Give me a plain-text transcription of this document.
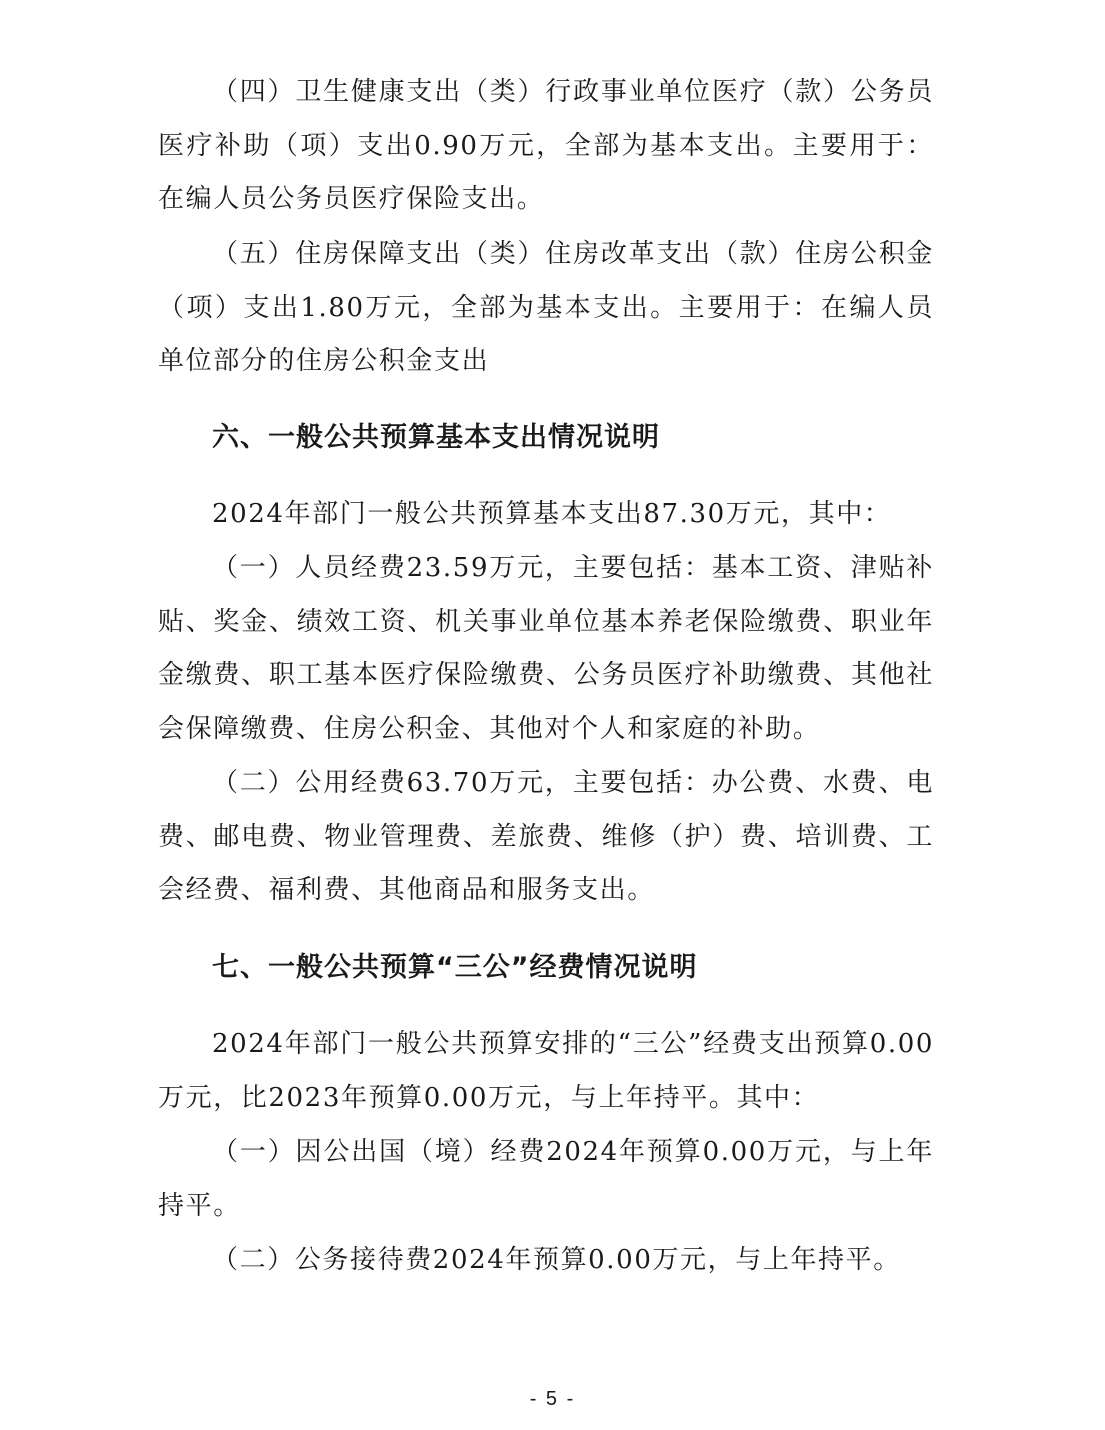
（四）卫生健康支出（类）行政事业单位医疗（款）公务员医疗补助（项）支出0.90万元，全部为基本支出。主要用于：在编人员公务员医疗保险支出。

（五）住房保障支出（类）住房改革支出（款）住房公积金（项）支出1.80万元，全部为基本支出。主要用于：在编人员单位部分的住房公积金支出

六、一般公共预算基本支出情况说明

2024年部门一般公共预算基本支出87.30万元，其中：

（一）人员经费23.59万元，主要包括：基本工资、津贴补贴、奖金、绩效工资、机关事业单位基本养老保险缴费、职业年金缴费、职工基本医疗保险缴费、公务员医疗补助缴费、其他社会保障缴费、住房公积金、其他对个人和家庭的补助。

（二）公用经费63.70万元，主要包括：办公费、水费、电费、邮电费、物业管理费、差旅费、维修（护）费、培训费、工会经费、福利费、其他商品和服务支出。

七、一般公共预算“三公”经费情况说明

2024年部门一般公共预算安排的“三公”经费支出预算0.00万元，比2023年预算0.00万元，与上年持平。其中：

（一）因公出国（境）经费2024年预算0.00万元，与上年持平。

（二）公务接待费2024年预算0.00万元，与上年持平。

- 5 -
